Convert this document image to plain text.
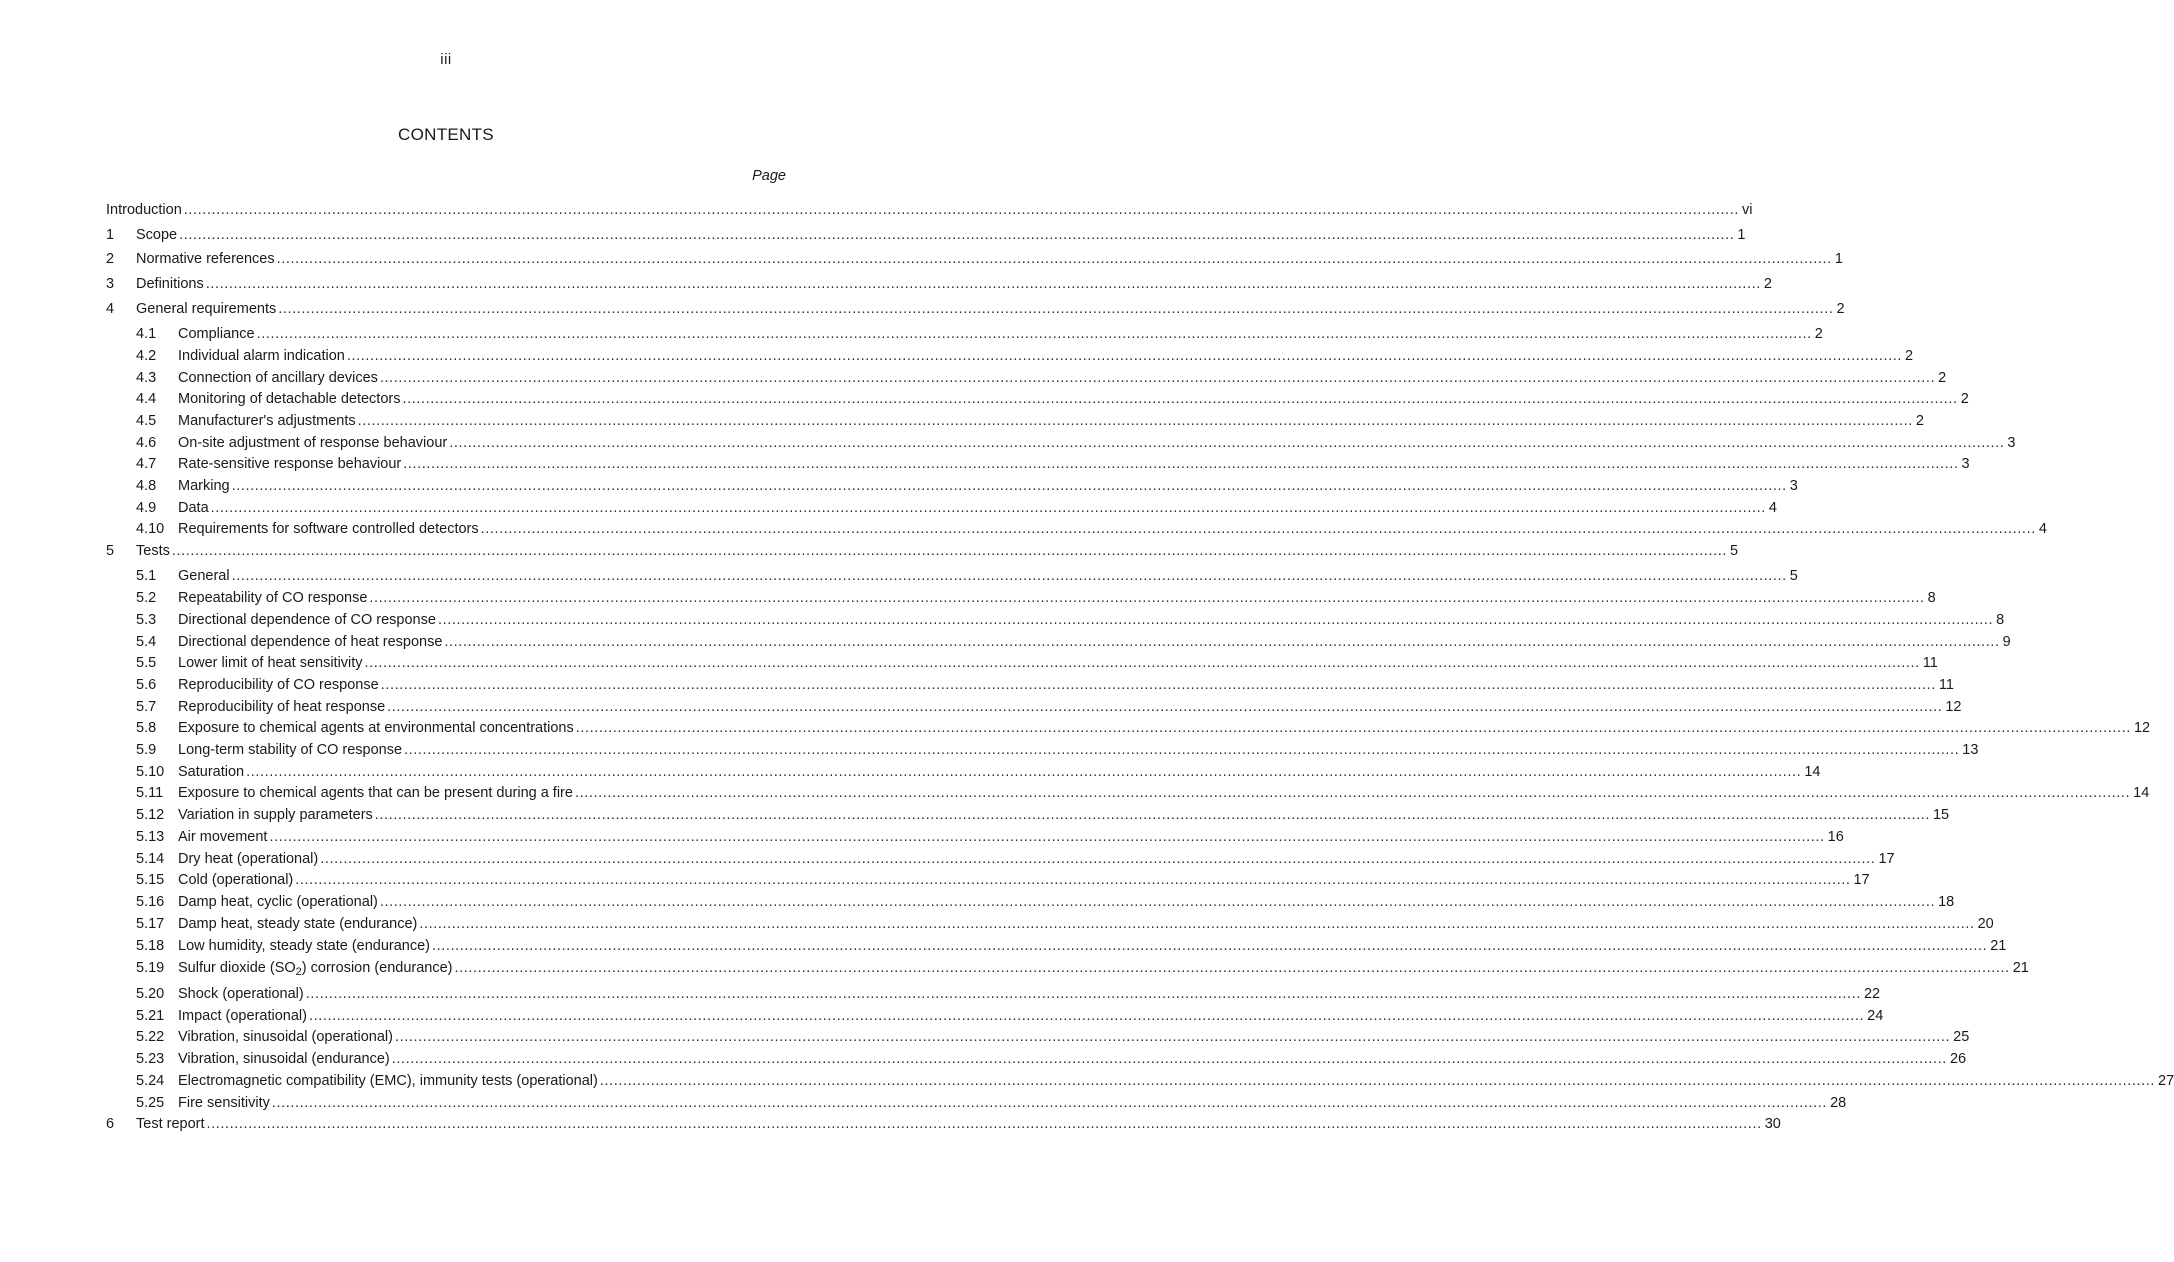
iii
CONTENTS
Page
Introduction ................................................................................................................................................................................................................................................................................................................................................ vi
1 Scope ................................................................................................................................................................................................................................................................................................................................................ 1
2 Normative references ................................................................................................................................................................................................................................................................................................................................................ 1
3 Definitions ................................................................................................................................................................................................................................................................................................................................................ 2
4 General requirements ................................................................................................................................................................................................................................................................................................................................................ 2
4.1 Compliance ................................................................................................................................................................................................................................................................................................................................................ 2
4.2 Individual alarm indication ................................................................................................................................................................................................................................................................................................................................................ 2
4.3 Connection of ancillary devices ................................................................................................................................................................................................................................................................................................................................................ 2
4.4 Monitoring of detachable detectors ................................................................................................................................................................................................................................................................................................................................................ 2
4.5 Manufacturer's adjustments ................................................................................................................................................................................................................................................................................................................................................ 2
4.6 On-site adjustment of response behaviour ................................................................................................................................................................................................................................................................................................................................................ 3
4.7 Rate-sensitive response behaviour ................................................................................................................................................................................................................................................................................................................................................ 3
4.8 Marking ................................................................................................................................................................................................................................................................................................................................................ 3
4.9 Data ................................................................................................................................................................................................................................................................................................................................................ 4
4.10 Requirements for software controlled detectors ................................................................................................................................................................................................................................................................................................................................................ 4
5 Tests ................................................................................................................................................................................................................................................................................................................................................ 5
5.1 General ................................................................................................................................................................................................................................................................................................................................................ 5
5.2 Repeatability of CO response ................................................................................................................................................................................................................................................................................................................................................ 8
5.3 Directional dependence of CO response ................................................................................................................................................................................................................................................................................................................................................ 8
5.4 Directional dependence of heat response ................................................................................................................................................................................................................................................................................................................................................ 9
5.5 Lower limit of heat sensitivity ................................................................................................................................................................................................................................................................................................................................................ 11
5.6 Reproducibility of CO response ................................................................................................................................................................................................................................................................................................................................................ 11
5.7 Reproducibility of heat response ................................................................................................................................................................................................................................................................................................................................................ 12
5.8 Exposure to chemical agents at environmental concentrations ................................................................................................................................................................................................................................................................................................................................................ 12
5.9 Long-term stability of CO response ................................................................................................................................................................................................................................................................................................................................................ 13
5.10 Saturation ................................................................................................................................................................................................................................................................................................................................................ 14
5.11 Exposure to chemical agents that can be present during a fire ................................................................................................................................................................................................................................................................................................................................................ 14
5.12 Variation in supply parameters ................................................................................................................................................................................................................................................................................................................................................ 15
5.13 Air movement ................................................................................................................................................................................................................................................................................................................................................ 16
5.14 Dry heat (operational) ................................................................................................................................................................................................................................................................................................................................................ 17
5.15 Cold (operational) ................................................................................................................................................................................................................................................................................................................................................ 17
5.16 Damp heat, cyclic (operational) ................................................................................................................................................................................................................................................................................................................................................ 18
5.17 Damp heat, steady state (endurance) ................................................................................................................................................................................................................................................................................................................................................ 20
5.18 Low humidity, steady state (endurance) ................................................................................................................................................................................................................................................................................................................................................ 21
5.19 Sulfur dioxide $(SO_2)$ corrosion (endurance) ................................................................................................................................................................................................................................................................................................................................................ 21
5.20 Shock (operational) ................................................................................................................................................................................................................................................................................................................................................ 22
5.21 Impact (operational) ................................................................................................................................................................................................................................................................................................................................................ 24
5.22 Vibration, sinusoidal (operational) ................................................................................................................................................................................................................................................................................................................................................ 25
5.23 Vibration, sinusoidal (endurance) ................................................................................................................................................................................................................................................................................................................................................ 26
5.24 Electromagnetic compatibility (EMC), immunity tests (operational) ................................................................................................................................................................................................................................................................................................................................................ 27
5.25 Fire sensitivity ................................................................................................................................................................................................................................................................................................................................................ 28
6 Test report ................................................................................................................................................................................................................................................................................................................................................ 30
